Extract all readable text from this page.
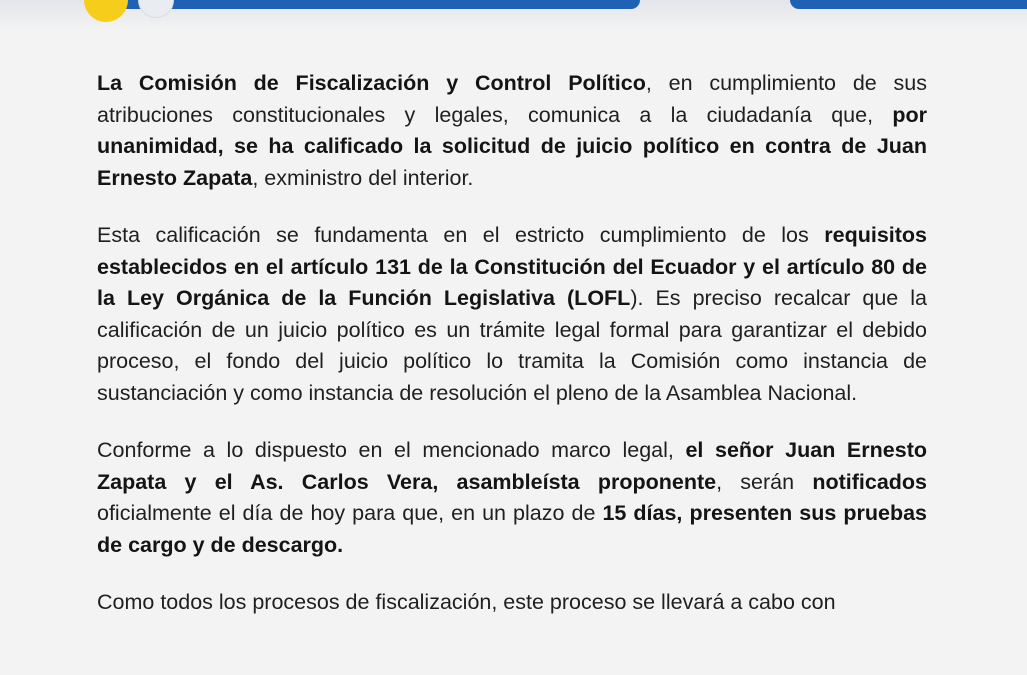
La Comisión de Fiscalización y Control Político, en cumplimiento de sus atribuciones constitucionales y legales, comunica a la ciudadanía que, por unanimidad, se ha calificado la solicitud de juicio político en contra de Juan Ernesto Zapata, exministro del interior.

Esta calificación se fundamenta en el estricto cumplimiento de los requisitos establecidos en el artículo 131 de la Constitución del Ecuador y el artículo 80 de la Ley Orgánica de la Función Legislativa (LOFL). Es preciso recalcar que la calificación de un juicio político es un trámite legal formal para garantizar el debido proceso, el fondo del juicio político lo tramita la Comisión como instancia de sustanciación y como instancia de resolución el pleno de la Asamblea Nacional.

Conforme a lo dispuesto en el mencionado marco legal, el señor Juan Ernesto Zapata y el As. Carlos Vera, asambleísta proponente, serán notificados oficialmente el día de hoy para que, en un plazo de 15 días, presenten sus pruebas de cargo y de descargo.

Como todos los procesos de fiscalización, este proceso se llevará a cabo con
